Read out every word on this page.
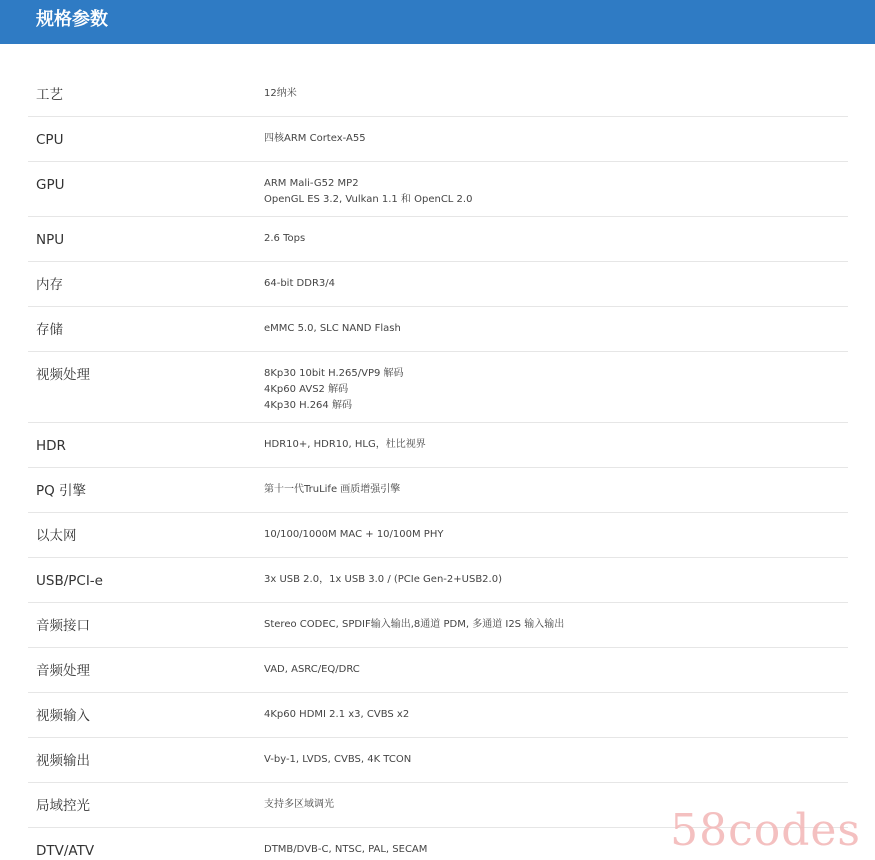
规格参数
工艺	12纳米
CPU	四核ARM Cortex-A55
GPU	ARM Mali-G52 MP2
OpenGL ES 3.2, Vulkan 1.1 和 OpenCL 2.0
NPU	2.6 Tops
内存	64-bit DDR3/4
存储	eMMC 5.0, SLC NAND Flash
视频处理	8Kp30 10bit H.265/VP9 解码
4Kp60 AVS2 解码
4Kp30 H.264 解码
HDR	HDR10+, HDR10, HLG，杜比视界
PQ 引擎	第十一代TruLife 画质增强引擎
以太网	10/100/1000M MAC + 10/100M PHY
USB/PCI-e	3x USB 2.0，1x USB 3.0 / (PCIe Gen-2+USB2.0)
音频接口	Stereo CODEC, SPDIF输入输出,8通道 PDM, 多通道 I2S 输入输出
音频处理	VAD, ASRC/EQ/DRC
视频输入	4Kp60 HDMI 2.1 x3, CVBS x2
视频输出	V-by-1, LVDS, CVBS, 4K TCON
局域控光	支持多区域调光
DTV/ATV	DTMB/DVB-C, NTSC, PAL, SECAM	58codes
